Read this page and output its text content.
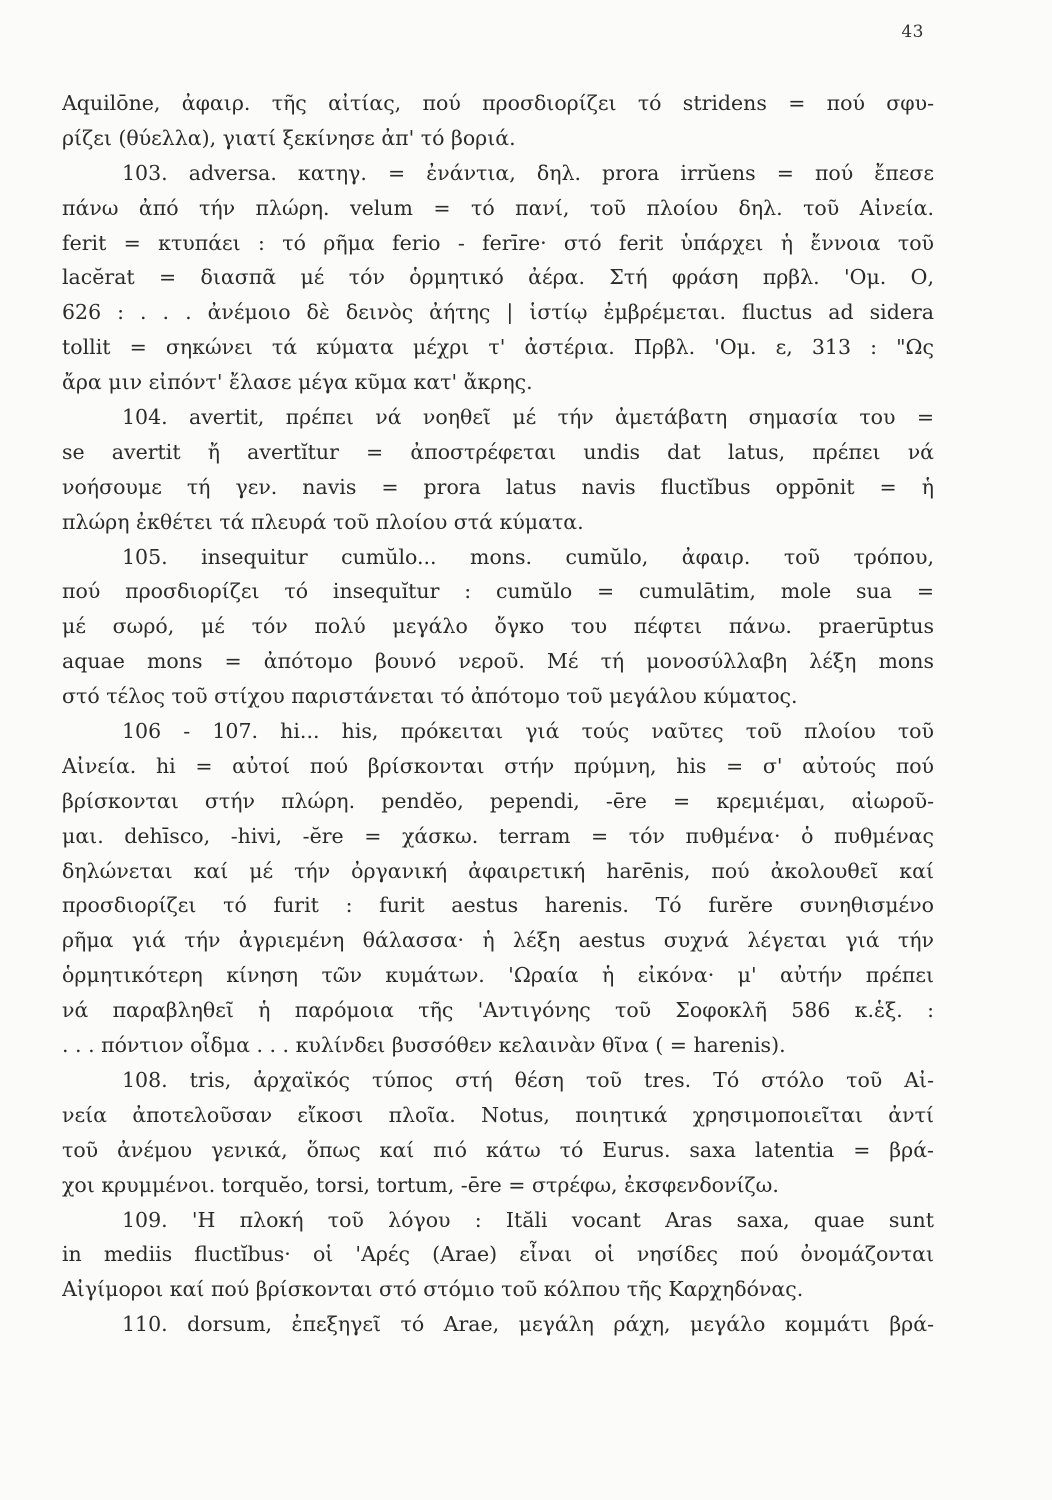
43
Aquilōne, ἀφαιρ. τῆς αἰτίας, πού προσδιορίζει τό stridens = πού σφυ-
ρίζει (θύελλα), γιατί ξεκίνησε ἀπ' τό βοριά.
103. adversa. κατηγ. = ἐνάντια, δηλ. prora irrŭens = πού ἔπεσε
πάνω ἀπό τήν πλώρη. velum = τό πανί, τοῦ πλοίου δηλ. τοῦ Αἰνεία.
ferit = κτυπάει : τό ρῆμα ferio - ferīre· στό ferit ὑπάρχει ἡ ἔννοια τοῦ
lacĕrat = διασπᾶ μέ τόν ὁρμητικό ἀέρα. Στή φράση πρβλ. 'Ομ. Ο,
626 : . . . ἀνέμοιο δὲ δεινὸς ἀήτης | ἱστίῳ ἐμβρέμεται. fluctus ad sidera
tollit = σηκώνει τά κύματα μέχρι τ' ἀστέρια. Πρβλ. 'Ομ. ε, 313 : "Ως
ἄρα μιν εἰπόντ' ἔλασε μέγα κῦμα κατ' ἄκρης.
104. avertit, πρέπει νά νοηθεῖ μέ τήν ἀμετάβατη σημασία του =
se avertit ἤ avertĭtur = ἀποστρέφεται undis dat latus, πρέπει νά
νοήσουμε τή γεν. navis = prora latus navis fluctĭbus oppōnit = ἡ
πλώρη ἐκθέτει τά πλευρά τοῦ πλοίου στά κύματα.
105. insequitur cumŭlo... mons. cumŭlo, ἀφαιρ. τοῦ τρόπου,
πού προσδιορίζει τό insequĭtur : cumŭlo = cumulātim, mole sua =
μέ σωρό, μέ τόν πολύ μεγάλο ὄγκο του πέφτει πάνω. praerūptus
aquae mons = ἀπότομο βουνό νεροῦ. Μέ τή μονοσύλλαβη λέξη mons
στό τέλος τοῦ στίχου παριστάνεται τό ἀπότομο τοῦ μεγάλου κύματος.
106 - 107. hi... his, πρόκειται γιά τούς ναῦτες τοῦ πλοίου τοῦ
Αἰνεία. hi = αὐτοί πού βρίσκονται στήν πρύμνη, his = σ' αὐτούς πού
βρίσκονται στήν πλώρη. pendĕo, pependi, -ēre = κρεμιέμαι, αἰωροῦ-
μαι. dehīsco, -hivi, -ĕre = χάσκω. terram = τόν πυθμένα· ὁ πυθμένας
δηλώνεται καί μέ τήν ὀργανική ἀφαιρετική harēnis, πού ἀκολουθεῖ καί
προσδιορίζει τό furit : furit aestus harenis. Τό furĕre συνηθισμένο
ρῆμα γιά τήν ἀγριεμένη θάλασσα· ἡ λέξη aestus συχνά λέγεται γιά τήν
ὁρμητικότερη κίνηση τῶν κυμάτων. 'Ωραία ἡ εἰκόνα· μ' αὐτήν πρέπει
νά παραβληθεῖ ἡ παρόμοια τῆς 'Αντιγόνης τοῦ Σοφοκλῆ 586 κ.ἑξ. :
. . . πόντιον οἶδμα . . . κυλίνδει βυσσόθεν κελαινὰν θῖνα ( = harenis).
108. tris, ἀρχαϊκός τύπος στή θέση τοῦ tres. Τό στόλο τοῦ Αἰ-
νεία ἀποτελοῦσαν εἴκοσι πλοῖα. Notus, ποιητικά χρησιμοποιεῖται ἀντί
τοῦ ἀνέμου γενικά, ὅπως καί πιό κάτω τό Eurus. saxa latentia = βρά-
χοι κρυμμένοι. torquĕo, torsi, tortum, -ēre = στρέφω, ἐκσφενδονίζω.
109. 'Η πλοκή τοῦ λόγου : Ităli vocant Aras saxa, quae sunt
in mediis fluctĭbus· οἱ 'Αρές (Arae) εἶναι οἱ νησίδες πού ὀνομάζονται
Αἰγίμοροι καί πού βρίσκονται στό στόμιο τοῦ κόλπου τῆς Καρχηδόνας.
110. dorsum, ἐπεξηγεῖ τό Arae, μεγάλη ράχη, μεγάλο κομμάτι βρά-
